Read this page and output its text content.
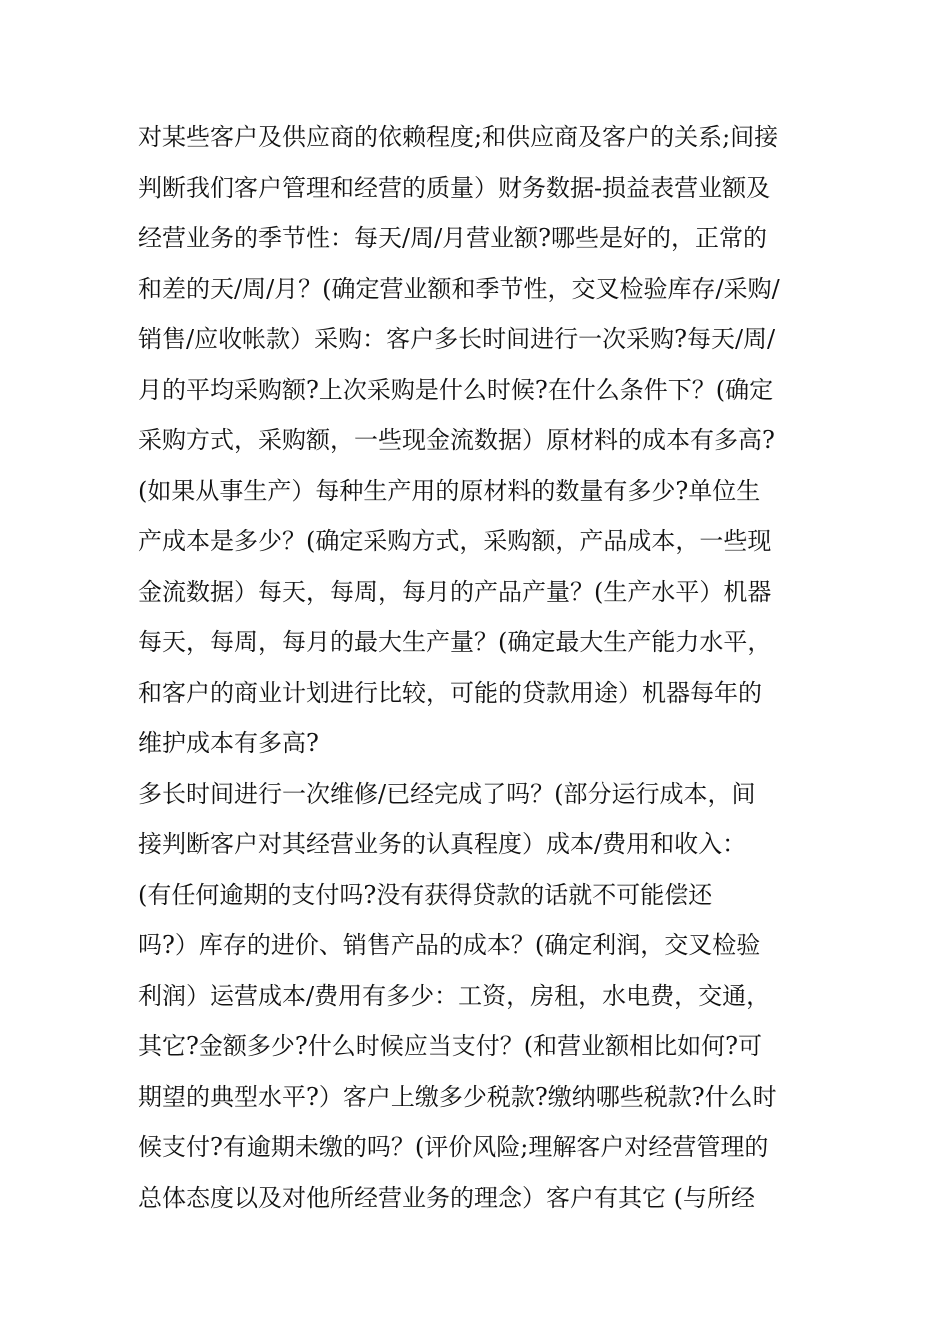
对某些客户及供应商的依赖程度;和供应商及客户的关系;间接
判断我们客户管理和经营的质量）财务数据-损益表营业额及
经营业务的季节性：每天/周/月营业额?哪些是好的，正常的
和差的天/周/月？(确定营业额和季节性，交叉检验库存/采购/
销售/应收帐款）采购：客户多长时间进行一次采购?每天/周/
月的平均采购额?上次采购是什么时候?在什么条件下？(确定
采购方式，采购额，一些现金流数据）原材料的成本有多高?
(如果从事生产）每种生产用的原材料的数量有多少?单位生
产成本是多少？(确定采购方式，采购额，产品成本，一些现
金流数据）每天，每周，每月的产品产量？(生产水平）机器
每天，每周，每月的最大生产量？(确定最大生产能力水平，
和客户的商业计划进行比较，可能的贷款用途）机器每年的
维护成本有多高?
多长时间进行一次维修/已经完成了吗？(部分运行成本，间
接判断客户对其经营业务的认真程度）成本/费用和收入：
(有任何逾期的支付吗?没有获得贷款的话就不可能偿还
吗?）库存的进价、销售产品的成本？(确定利润，交叉检验
利润）运营成本/费用有多少：工资，房租，水电费，交通，
其它?金额多少?什么时候应当支付？(和营业额相比如何?可
期望的典型水平?）客户上缴多少税款?缴纳哪些税款?什么时
候支付?有逾期未缴的吗？(评价风险;理解客户对经营管理的
总体态度以及对他所经营业务的理念）客户有其它 (与所经
